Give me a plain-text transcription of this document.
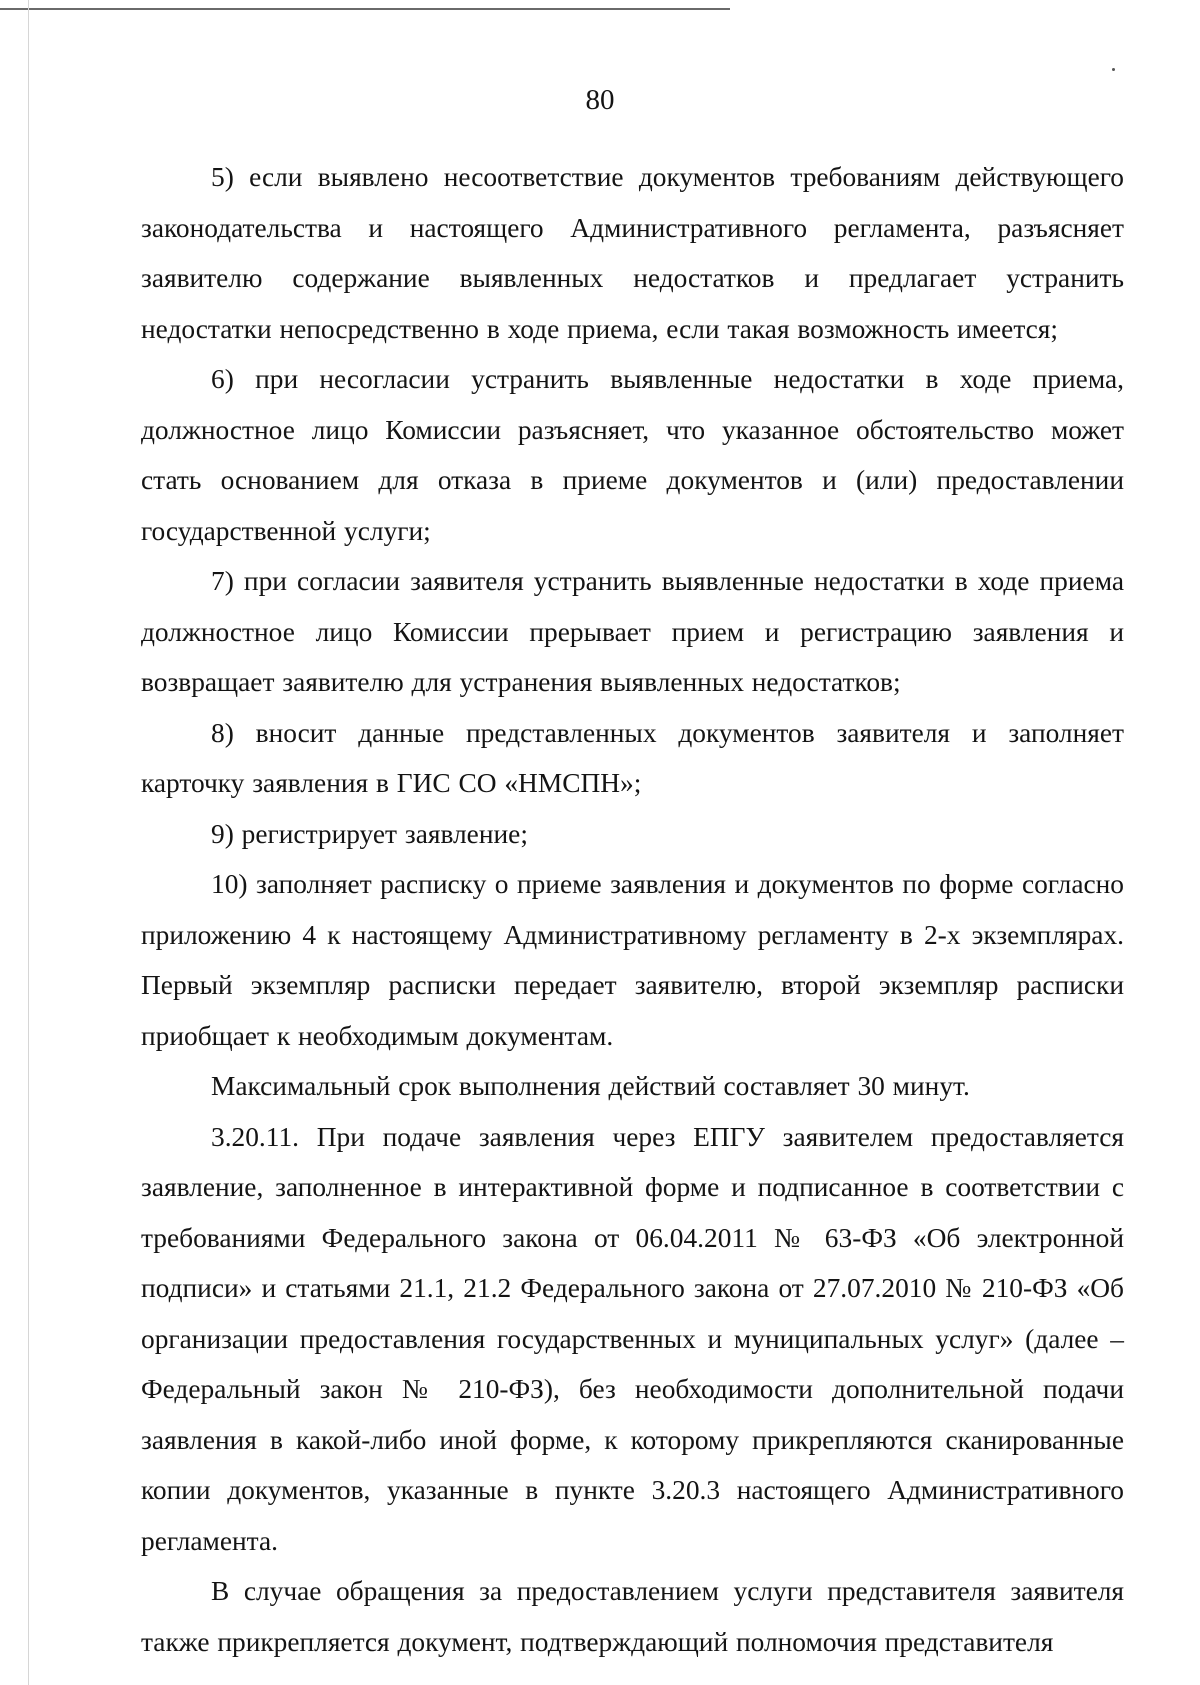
80

5) если выявлено несоответствие документов требованиям действующего законодательства и настоящего Административного регламента, разъясняет заявителю содержание выявленных недостатков и предлагает устранить недостатки непосредственно в ходе приема, если такая возможность имеется;

6) при несогласии устранить выявленные недостатки в ходе приема, должностное лицо Комиссии разъясняет, что указанное обстоятельство может стать основанием для отказа в приеме документов и (или) предоставлении государственной услуги;

7) при согласии заявителя устранить выявленные недостатки в ходе приема должностное лицо Комиссии прерывает прием и регистрацию заявления и возвращает заявителю для устранения выявленных недостатков;

8) вносит данные представленных документов заявителя и заполняет карточку заявления в ГИС СО «НМСПН»;

9) регистрирует заявление;

10) заполняет расписку о приеме заявления и документов по форме согласно приложению 4 к настоящему Административному регламенту в 2-х экземплярах. Первый экземпляр расписки передает заявителю, второй экземпляр расписки приобщает к необходимым документам.

Максимальный срок выполнения действий составляет 30 минут.

3.20.11. При подаче заявления через ЕПГУ заявителем предоставляется заявление, заполненное в интерактивной форме и подписанное в соответствии с требованиями Федерального закона от 06.04.2011 № 63-ФЗ «Об электронной подписи» и статьями 21.1, 21.2 Федерального закона от 27.07.2010 № 210-ФЗ «Об организации предоставления государственных и муниципальных услуг» (далее – Федеральный закон № 210-ФЗ), без необходимости дополнительной подачи заявления в какой-либо иной форме, к которому прикрепляются сканированные копии документов, указанные в пункте 3.20.3 настоящего Административного регламента.

В случае обращения за предоставлением услуги представителя заявителя также прикрепляется документ, подтверждающий полномочия представителя
